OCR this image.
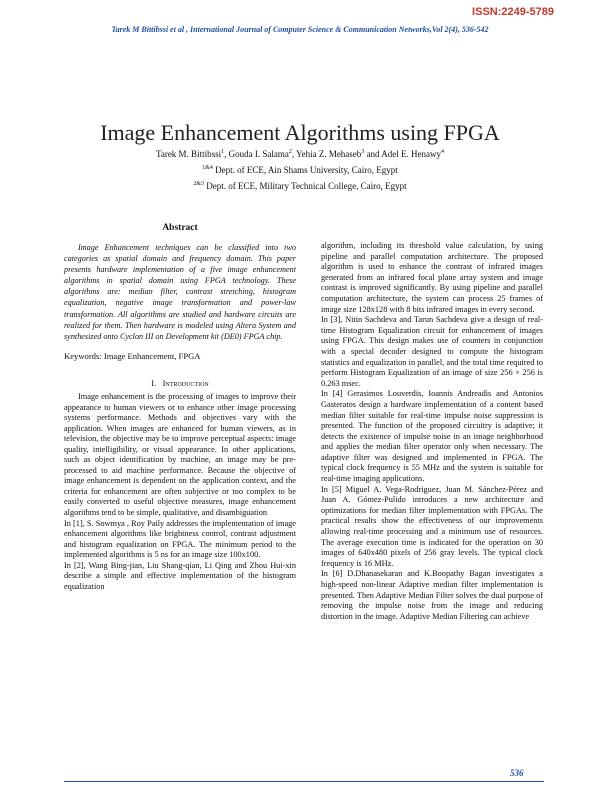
ISSN:2249-5789
Tarek M Bittibssi et al , International Journal of Computer Science & Communication Networks,Vol 2(4), 536-542
Image Enhancement Algorithms using FPGA
Tarek M. Bittibssi$^1$, Gouda I. Salama$^2$, Yehia Z. Mehaseb$^3$ and Adel E. Henawy$^4$
$^{1\&4}$ Dept. of ECE, Ain Shams University, Cairo, Egypt
$^{2\&3}$ Dept. of ECE, Military Technical College, Cairo, Egypt
Abstract

Image Enhancement techniques can be classified into two categories as spatial domain and frequency domain. This paper presents hardware implementation of a five image enhancement algorithms in spatial domain using FPGA technology. These algorithms are: median filter, contrast stretching, histogram equalization, negative image transformation and power-law transformation. All algorithms are studied and hardware circuits are realized for them. Then hardware is modeled using Altera System and synthesized onto Cyclon III on Development kit (DE0) FPGA chip.

Keywords: Image Enhancement, FPGA
I. Introduction

Image enhancement is the processing of images to improve their appearance to human viewers or to enhance other image processing systems performance. Methods and objectives vary with the application. When images are enhanced for human viewers, as in television, the objective may be to improve perceptual aspects: image quality, intelligibility, or visual appearance. In other applications, such as object identification by machine, an image may be pre-processed to aid machine performance. Because the objective of image enhancement is dependent on the application context, and the criteria for enhancement are often subjective or too complex to be easily converted to useful objective measures, image enhancement algorithms tend to be simple, qualitative, and disambiguation

In [1], S. Sowmya , Roy Paily addresses the implementation of image enhancement algorithms like brightness control, contrast adjustment and histogram equalization on FPGA. The minimum period to the implemented algorithms is 5 ns for an image size 100x100.

In [2], Wang Bing-jian, Liu Shang-qian, Li Qing and Zhou Hui-xin describe a simple and effective implementation of the histogram equalization

algorithm, including its threshold value calculation, by using pipeline and parallel computation architecture. The proposed algorithm is used to enhance the contrast of infrared images generated from an infrared focal plane array system and image contrast is improved significantly. By using pipeline and parallel computation architecture, the system can process 25 frames of image size 128x128 with 8 bits infrared images in every second.

In [3], Nitin Sachdeva and Tarun Sachdeva give a design of real-time Histogram Equalization circuit for enhancement of images using FPGA. This design makes use of counters in conjunction with a special decoder designed to compute the histogram statistics and equalization in parallel, and the total time required to perform Histogram Equalization of an image of size 256 × 256 is 0.263 msec.

In [4] Gerasimos Louverdis, Ioannis Andreadis and Antonios Gasteratos design a hardware implementation of a content based median filter suitable for real-time impulse noise suppression is presented. The function of the proposed circuitry is adaptive; it detects the existence of impulse noise in an image neighborhood and applies the median filter operator only when necessary. The adaptive filter was designed and implemented in FPGA. The typical clock frequency is 55 MHz and the system is suitable for real-time imaging applications.

In [5] Miguel A. Vega-Rodriguez, Juan M. Sánchez-Pérez and Juan A. Gómez-Pulido introduces a new architecture and optimizations for median filter implementation with FPGAs. The practical results show the effectiveness of our improvements allowing real-time processing and a minimum use of resources. The average execution time is indicated for the operation on 30 images of 640x480 pixels of 256 gray levels. The typical clock frequency is 16 MHz.

In [6] D.Dhanasekaran and K.Boopathy Bagan investigates a high-speed non-linear Adaptive median filter implementation is presented. Then Adaptive Median Filter solves the dual purpose of removing the impulse noise from the image and reducing distortion in the image. Adaptive Median Filtering can achieve

536
